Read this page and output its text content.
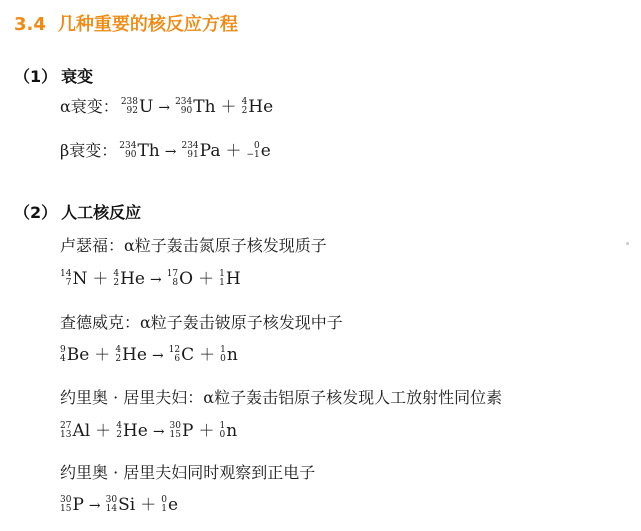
3.4 几种重要的核反应方程
（1） 衰变
α衰变： 238
92 U → 234
90 Th ＋ 4
2 He
β衰变： 234
90 Th → 234
91 Pa ＋ 0
−1 e
（2） 人工核反应
卢瑟福：α粒子轰击氮原子核发现质子
14
7 N ＋ 4
2 He → 17
8 O ＋ 1
1 H
查德威克：α粒子轰击铍原子核发现中子
9
4 Be ＋ 4
2 He → 12
6 C ＋ 1
0 n
约里奥 · 居里夫妇：α粒子轰击铝原子核发现人工放射性同位素
27
13 Al ＋ 4
2 He → 30
15 P ＋ 1
0 n
约里奥 · 居里夫妇同时观察到正电子
30
15 P → 30
14 Si ＋ 0
1 e
